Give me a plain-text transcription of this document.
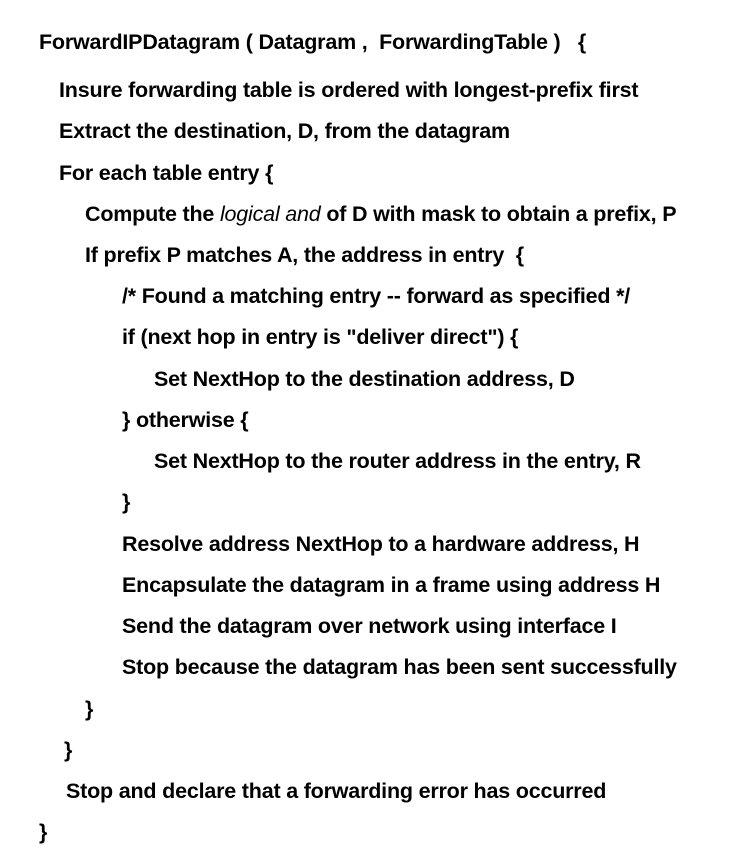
ForwardIPDatagram ( Datagram , ForwardingTable ) {
Insure forwarding table is ordered with longest-prefix first
Extract the destination, D, from the datagram
For each table entry {
Compute the logical and of D with mask to obtain a prefix, P
If prefix P matches A, the address in entry  {
/* Found a matching entry -- forward as specified */
if (next hop in entry is "deliver direct") {
Set NextHop to the destination address, D
} otherwise {
Set NextHop to the router address in the entry, R
}
Resolve address NextHop to a hardware address, H
Encapsulate the datagram in a frame using address H
Send the datagram over network using interface I
Stop because the datagram has been sent successfully
}
}
Stop and declare that a forwarding error has occurred
}
